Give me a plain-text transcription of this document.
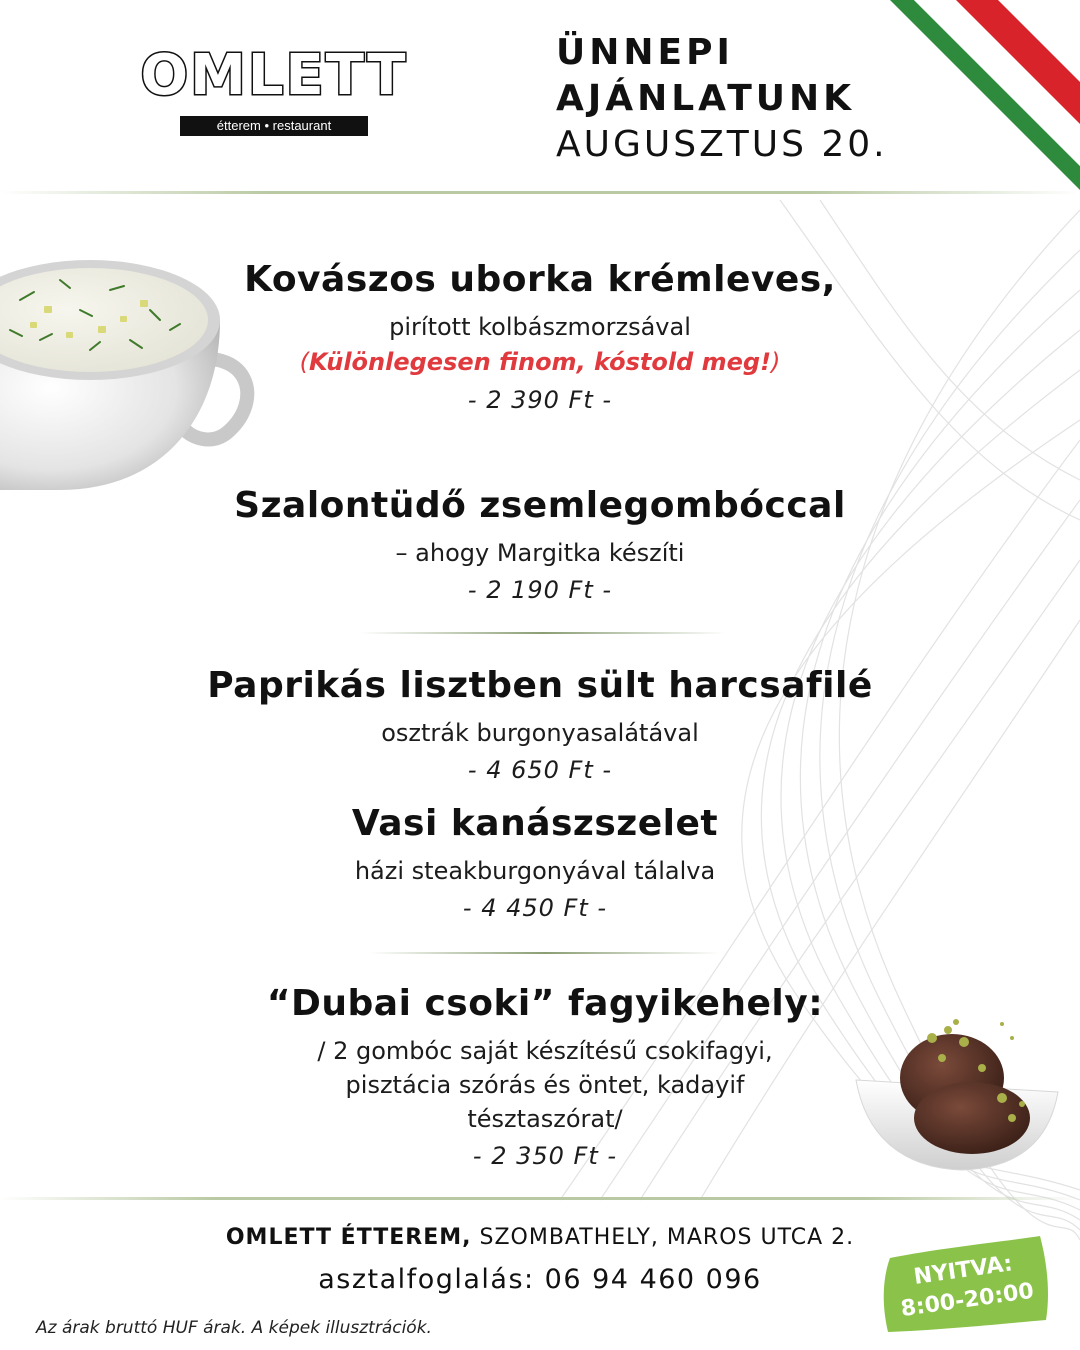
OMLETT
étterem • restaurant
ÜNNEPI
AJÁNLATUNK
AUGUSZTUS 20.
Kovászos uborka krémleves,
pirított kolbászmorzsával
(Különlegesen finom, kóstold meg!)
- 2 390 Ft -
Szalontüdő zsemlegombóccal
– ahogy Margitka készíti
- 2 190 Ft -
Paprikás lisztben sült harcsafilé
osztrák burgonyasalátával
- 4 650 Ft -
Vasi kanászszelet
házi steakburgonyával tálalva
- 4 450 Ft -
“Dubai csoki” fagyikehely:
/ 2 gombóc saját készítésű csokifagyi,
pisztácia szórás és öntet, kadayif
tésztaszórat/
- 2 350 Ft -
OMLETT ÉTTEREM, SZOMBATHELY, MAROS UTCA 2.
asztalfoglalás: 06 94 460 096
Az árak bruttó HUF árak. A képek illusztrációk.
NYITVA:
8:00-20:00
